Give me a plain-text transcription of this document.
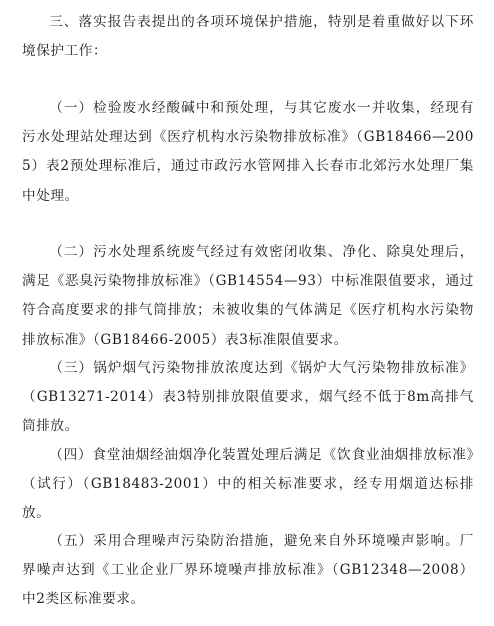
三、落实报告表提出的各项环境保护措施，特别是着重做好以下环境保护工作：

（一）检验废水经酸碱中和预处理，与其它废水一并收集，经现有污水处理站处理达到《医疗机构水污染物排放标准》（GB18466—2005）表2预处理标准后，通过市政污水管网排入长春市北郊污水处理厂集中处理。

（二）污水处理系统废气经过有效密闭收集、净化、除臭处理后，满足《恶臭污染物排放标准》（GB14554—93）中标准限值要求，通过符合高度要求的排气筒排放；未被收集的气体满足《医疗机构水污染物排放标准》（GB18466-2005）表3标准限值要求。

（三）锅炉烟气污染物排放浓度达到《锅炉大气污染物排放标准》（GB13271-2014）表3特别排放限值要求，烟气经不低于8m高排气筒排放。

（四）食堂油烟经油烟净化装置处理后满足《饮食业油烟排放标准》（试行）（GB18483-2001）中的相关标准要求，经专用烟道达标排放。

（五）采用合理噪声污染防治措施，避免来自外环境噪声影响。厂界噪声达到《工业企业厂界环境噪声排放标准》（GB12348—2008）中2类区标准要求。
